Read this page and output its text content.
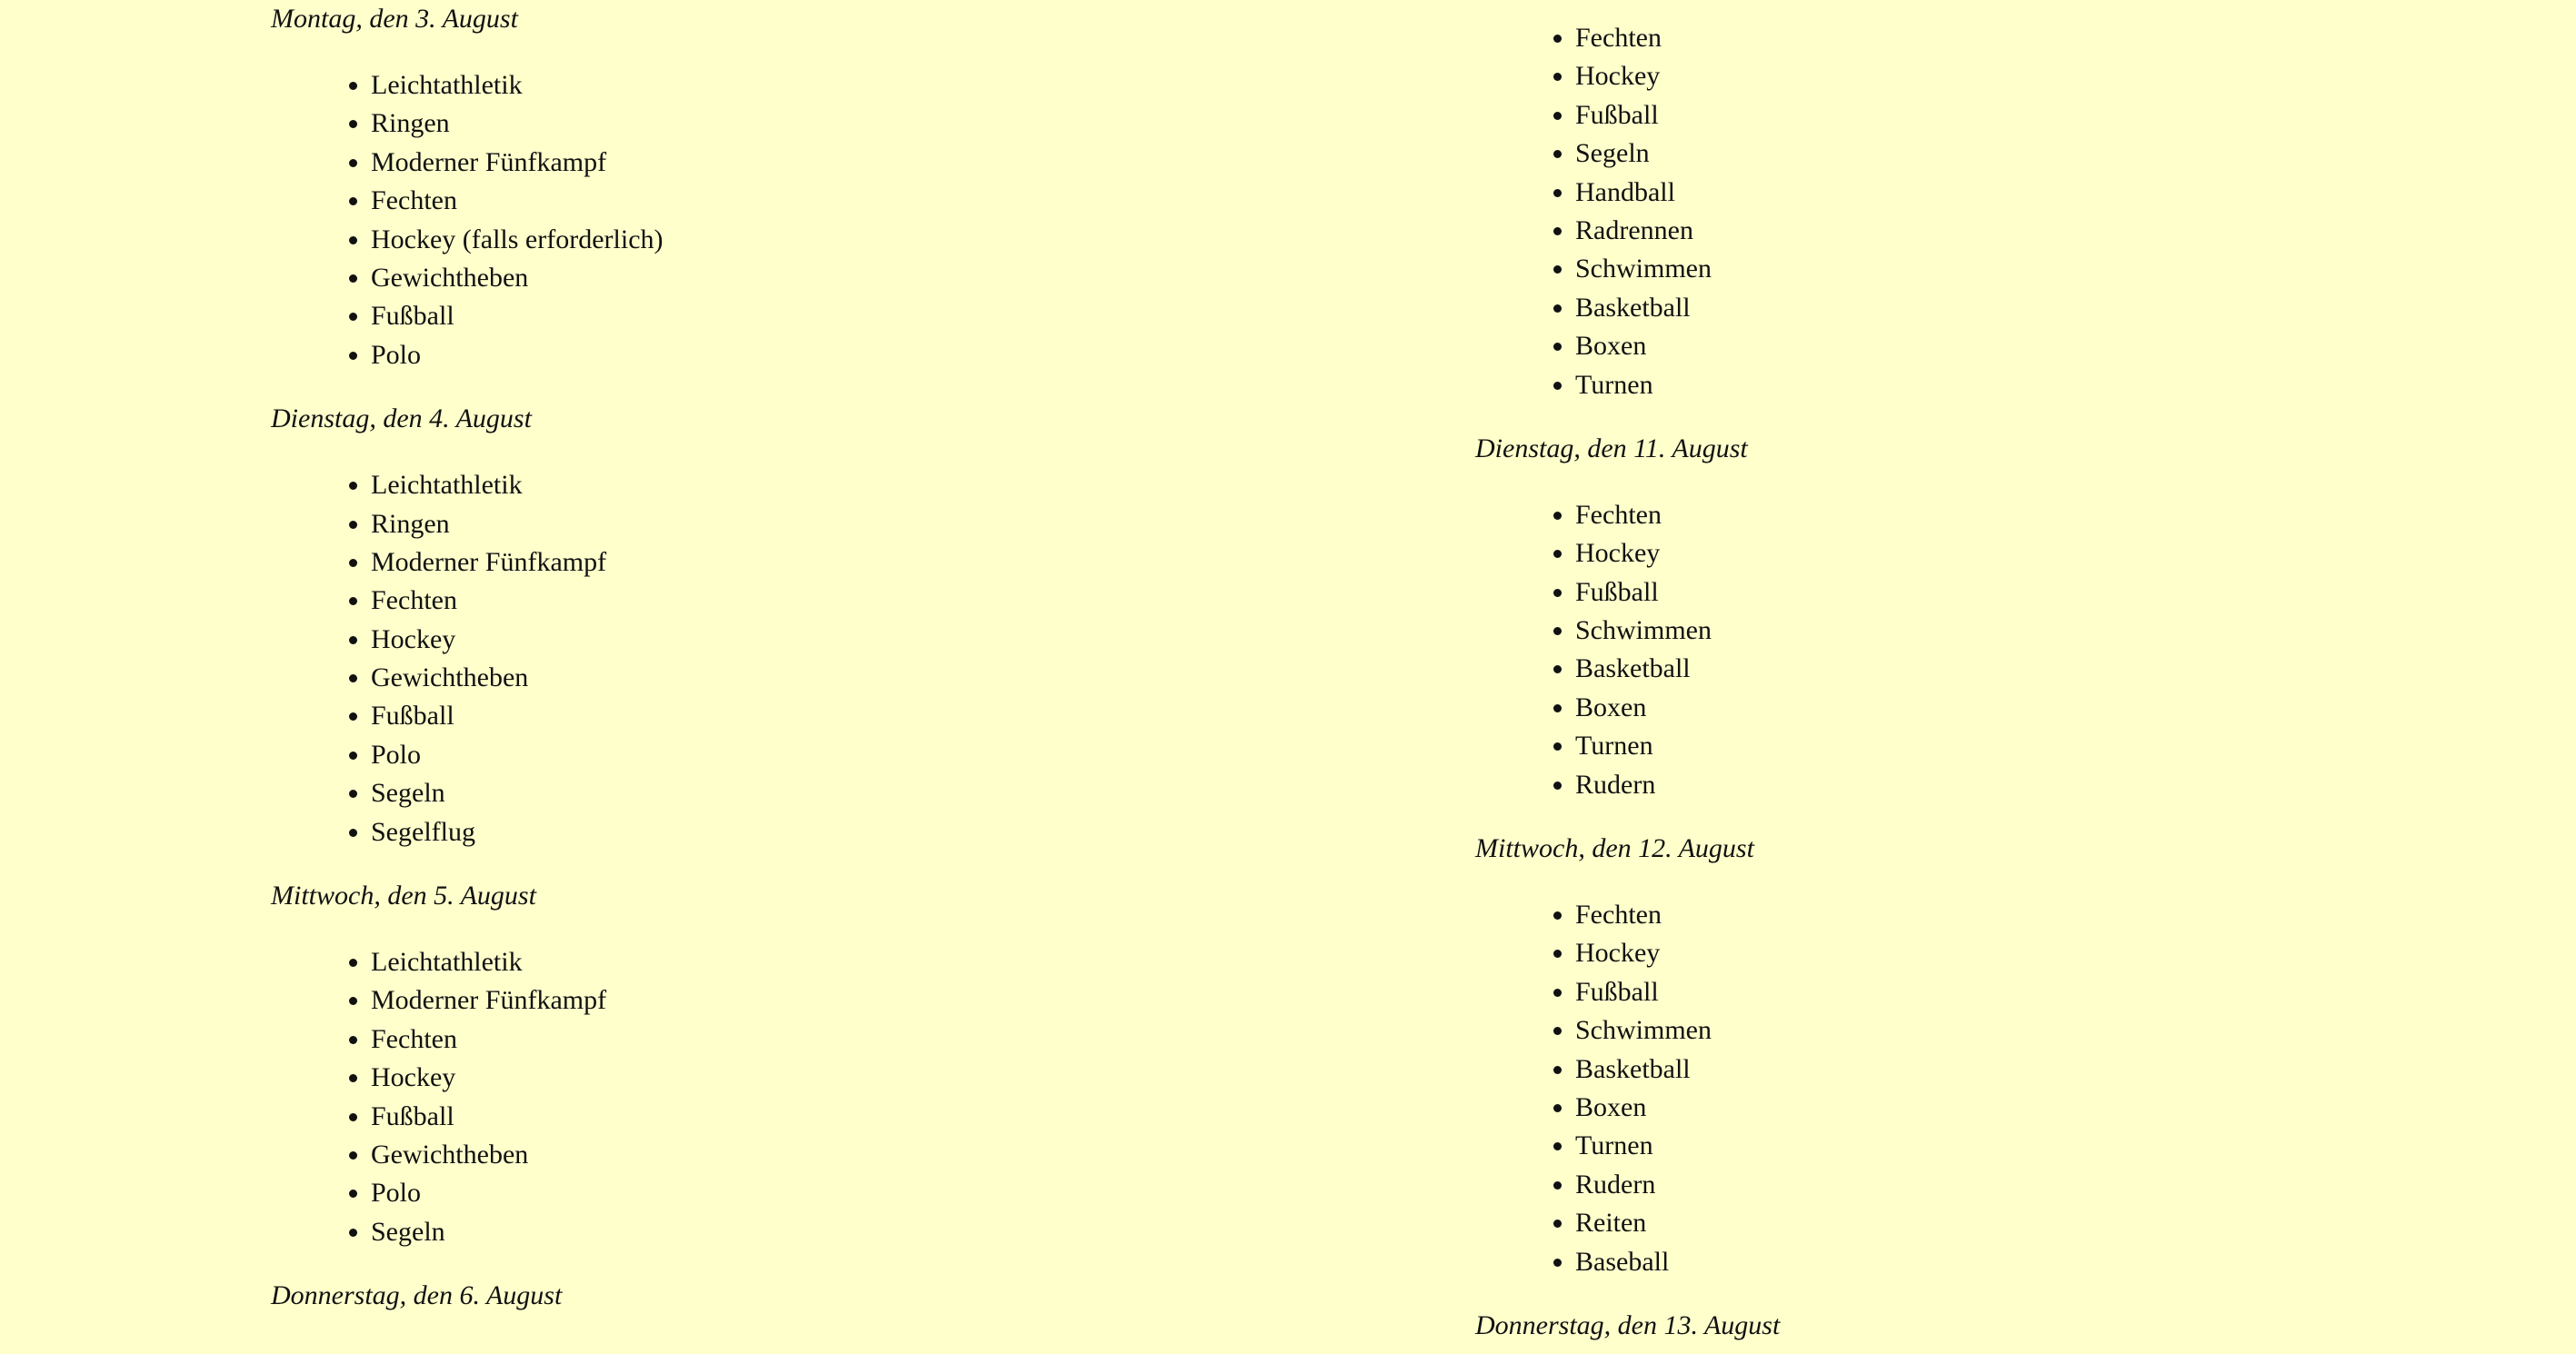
Montag, den 3. August

• Leichtathletik
• Ringen
• Moderner Fünfkampf
• Fechten
• Hockey (falls erforderlich)
• Gewichtheben
• Fußball
• Polo

Dienstag, den 4. August

• Leichtathletik
• Ringen
• Moderner Fünfkampf
• Fechten
• Hockey
• Gewichtheben
• Fußball
• Polo
• Segeln
• Segelflug

Mittwoch, den 5. August

• Leichtathletik
• Moderner Fünfkampf
• Fechten
• Hockey
• Fußball
• Gewichtheben
• Polo
• Segeln

Donnerstag, den 6. August

• Fechten
• Hockey
• Fußball
• Segeln
• Handball
• Radrennen
• Schwimmen
• Basketball
• Boxen
• Turnen

Dienstag, den 11. August

• Fechten
• Hockey
• Fußball
• Schwimmen
• Basketball
• Boxen
• Turnen
• Rudern

Mittwoch, den 12. August

• Fechten
• Hockey
• Fußball
• Schwimmen
• Basketball
• Boxen
• Turnen
• Rudern
• Reiten
• Baseball

Donnerstag, den 13. August
